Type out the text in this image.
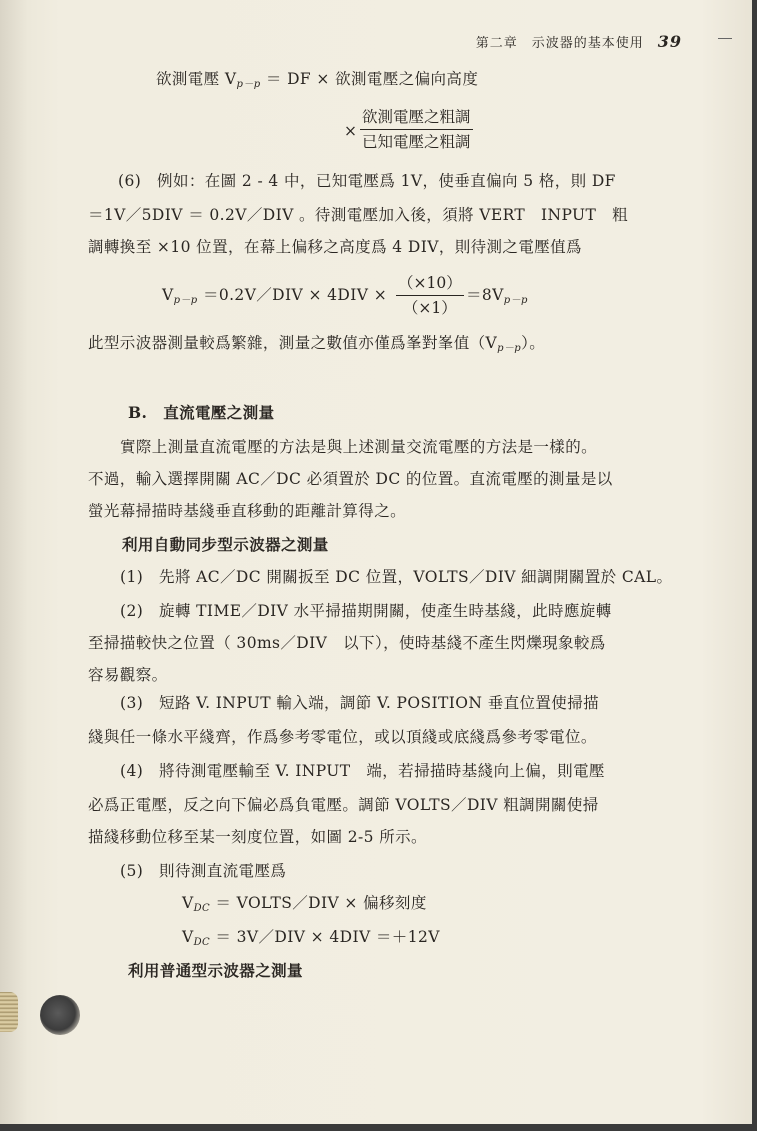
第二章　示波器的基本使用 39
欲測電壓 $V_{p-p}$ ＝ DF × 欲測電壓之偏向高度
×
欲測電壓之粗調
已知電壓之粗調
(6)　例如：在圖 2 - 4 中，已知電壓爲 1V，使垂直偏向 5 格，則 DF
＝1V／5DIV ＝ 0.2V／DIV 。待測電壓加入後，須將 VERT　INPUT　粗
調轉換至 ×10 位置，在幕上偏移之高度爲 4 DIV，則待測之電壓值爲
$V_{p-p}$ ＝0.2V／DIV × $4DIV \times \frac{(\times 10)}{(\times 1)} =8V_{p-p}$
此型示波器測量較爲繁雜，測量之數值亦僅爲峯對峯值$(V_{p-p})$。
B.　直流電壓之測量
實際上測量直流電壓的方法是與上述測量交流電壓的方法是一樣的。
不過，輸入選擇開關 AC／DC 必須置於 DC 的位置。直流電壓的測量是以
螢光幕掃描時基綫垂直移動的距離計算得之。
利用自動同步型示波器之測量
(1)　先將 AC／DC 開關扳至 DC 位置，VOLTS／DIV 細調開關置於 CAL。
(2)　旋轉 TIME／DIV 水平掃描期開關，使產生時基綫，此時應旋轉
至掃描較快之位置（ 30ms／DIV　以下），使時基綫不產生閃爍現象較爲
容易觀察。
(3)　短路 V. INPUT 輸入端，調節 V. POSITION 垂直位置使掃描
綫與任一條水平綫齊，作爲參考零電位，或以頂綫或底綫爲參考零電位。
(4)　將待測電壓輸至 V. INPUT　端，若掃描時基綫向上偏，則電壓
必爲正電壓，反之向下偏必爲負電壓。調節 VOLTS／DIV 粗調開關使掃
描綫移動位移至某一刻度位置，如圖 2-5 所示。
(5)　則待測直流電壓爲
$V_{DC}$ ＝ VOLTS／DIV × 偏移刻度
$V_{DC}$ ＝ 3V／DIV × 4DIV ＝＋12V
利用普通型示波器之測量
